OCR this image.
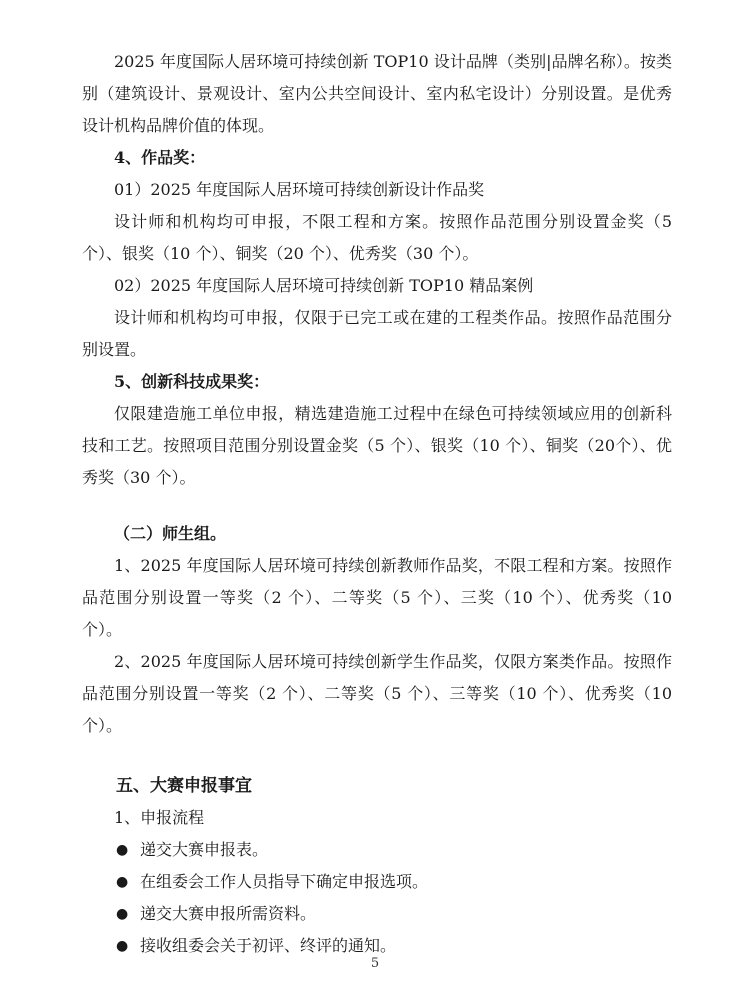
2025 年度国际人居环境可持续创新 TOP10 设计品牌（类别|品牌名称）。按类别（建筑设计、景观设计、室内公共空间设计、室内私宅设计）分别设置。是优秀设计机构品牌价值的体现。

4、作品奖：

01）2025 年度国际人居环境可持续创新设计作品奖

设计师和机构均可申报，不限工程和方案。按照作品范围分别设置金奖（5个）、银奖（10 个）、铜奖（20 个）、优秀奖（30 个）。

02）2025 年度国际人居环境可持续创新 TOP10 精品案例

设计师和机构均可申报，仅限于已完工或在建的工程类作品。按照作品范围分别设置。

5、创新科技成果奖：

仅限建造施工单位申报，精选建造施工过程中在绿色可持续领域应用的创新科技和工艺。按照项目范围分别设置金奖（5 个）、银奖（10 个）、铜奖（20个）、优秀奖（30 个）。

（二）师生组。

1、2025 年度国际人居环境可持续创新教师作品奖，不限工程和方案。按照作品范围分别设置一等奖（2 个）、二等奖（5 个）、三奖（10 个）、优秀奖（10 个）。

2、2025 年度国际人居环境可持续创新学生作品奖，仅限方案类作品。按照作品范围分别设置一等奖（2 个）、二等奖（5 个）、三等奖（10 个）、优秀奖（10 个）。

五、大赛申报事宜

1、申报流程

● 递交大赛申报表。

● 在组委会工作人员指导下确定申报选项。

● 递交大赛申报所需资料。

● 接收组委会关于初评、终评的通知。

5
